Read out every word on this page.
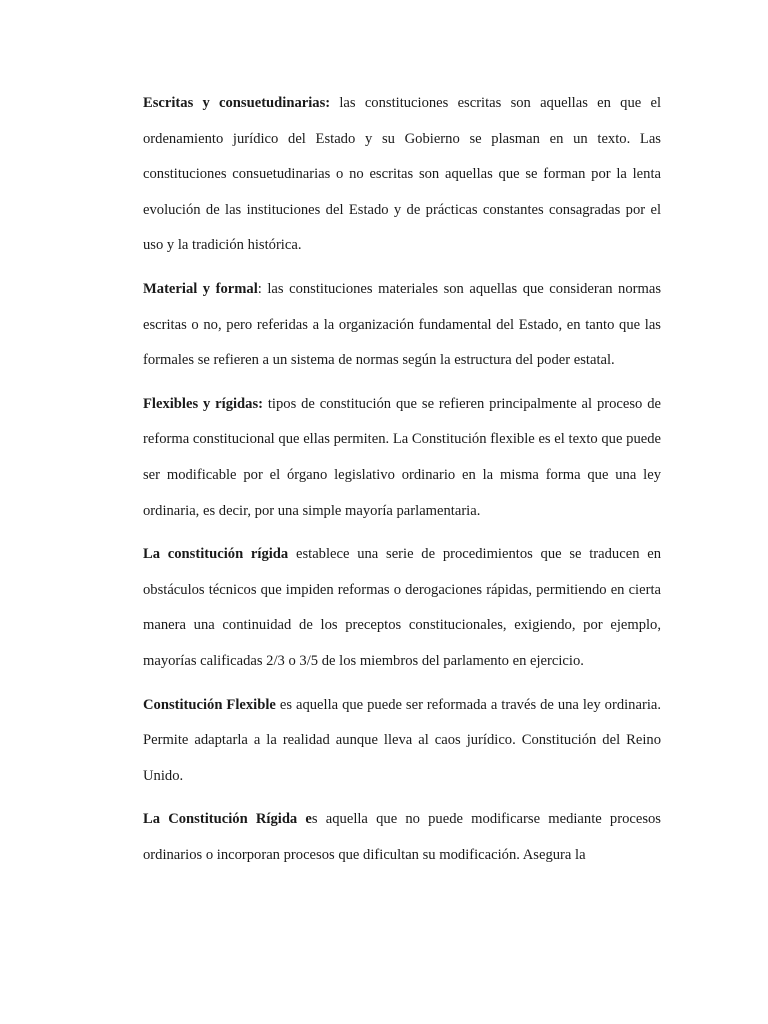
Escritas y consuetudinarias: las constituciones escritas son aquellas en que el ordenamiento jurídico del Estado y su Gobierno se plasman en un texto. Las constituciones consuetudinarias o no escritas son aquellas que se forman por la lenta evolución de las instituciones del Estado y de prácticas constantes consagradas por el uso y la tradición histórica.

Material y formal: las constituciones materiales son aquellas que consideran normas escritas o no, pero referidas a la organización fundamental del Estado, en tanto que las formales se refieren a un sistema de normas según la estructura del poder estatal.

Flexibles y rígidas: tipos de constitución que se refieren principalmente al proceso de reforma constitucional que ellas permiten. La Constitución flexible es el texto que puede ser modificable por el órgano legislativo ordinario en la misma forma que una ley ordinaria, es decir, por una simple mayoría parlamentaria.

La constitución rígida establece una serie de procedimientos que se traducen en obstáculos técnicos que impiden reformas o derogaciones rápidas, permitiendo en cierta manera una continuidad de los preceptos constitucionales, exigiendo, por ejemplo, mayorías calificadas 2/3 o 3/5 de los miembros del parlamento en ejercicio.

Constitución Flexible es aquella que puede ser reformada a través de una ley ordinaria. Permite adaptarla a la realidad aunque lleva al caos jurídico. Constitución del Reino Unido.

La Constitución Rígida es aquella que no puede modificarse mediante procesos ordinarios o incorporan procesos que dificultan su modificación. Asegura la
